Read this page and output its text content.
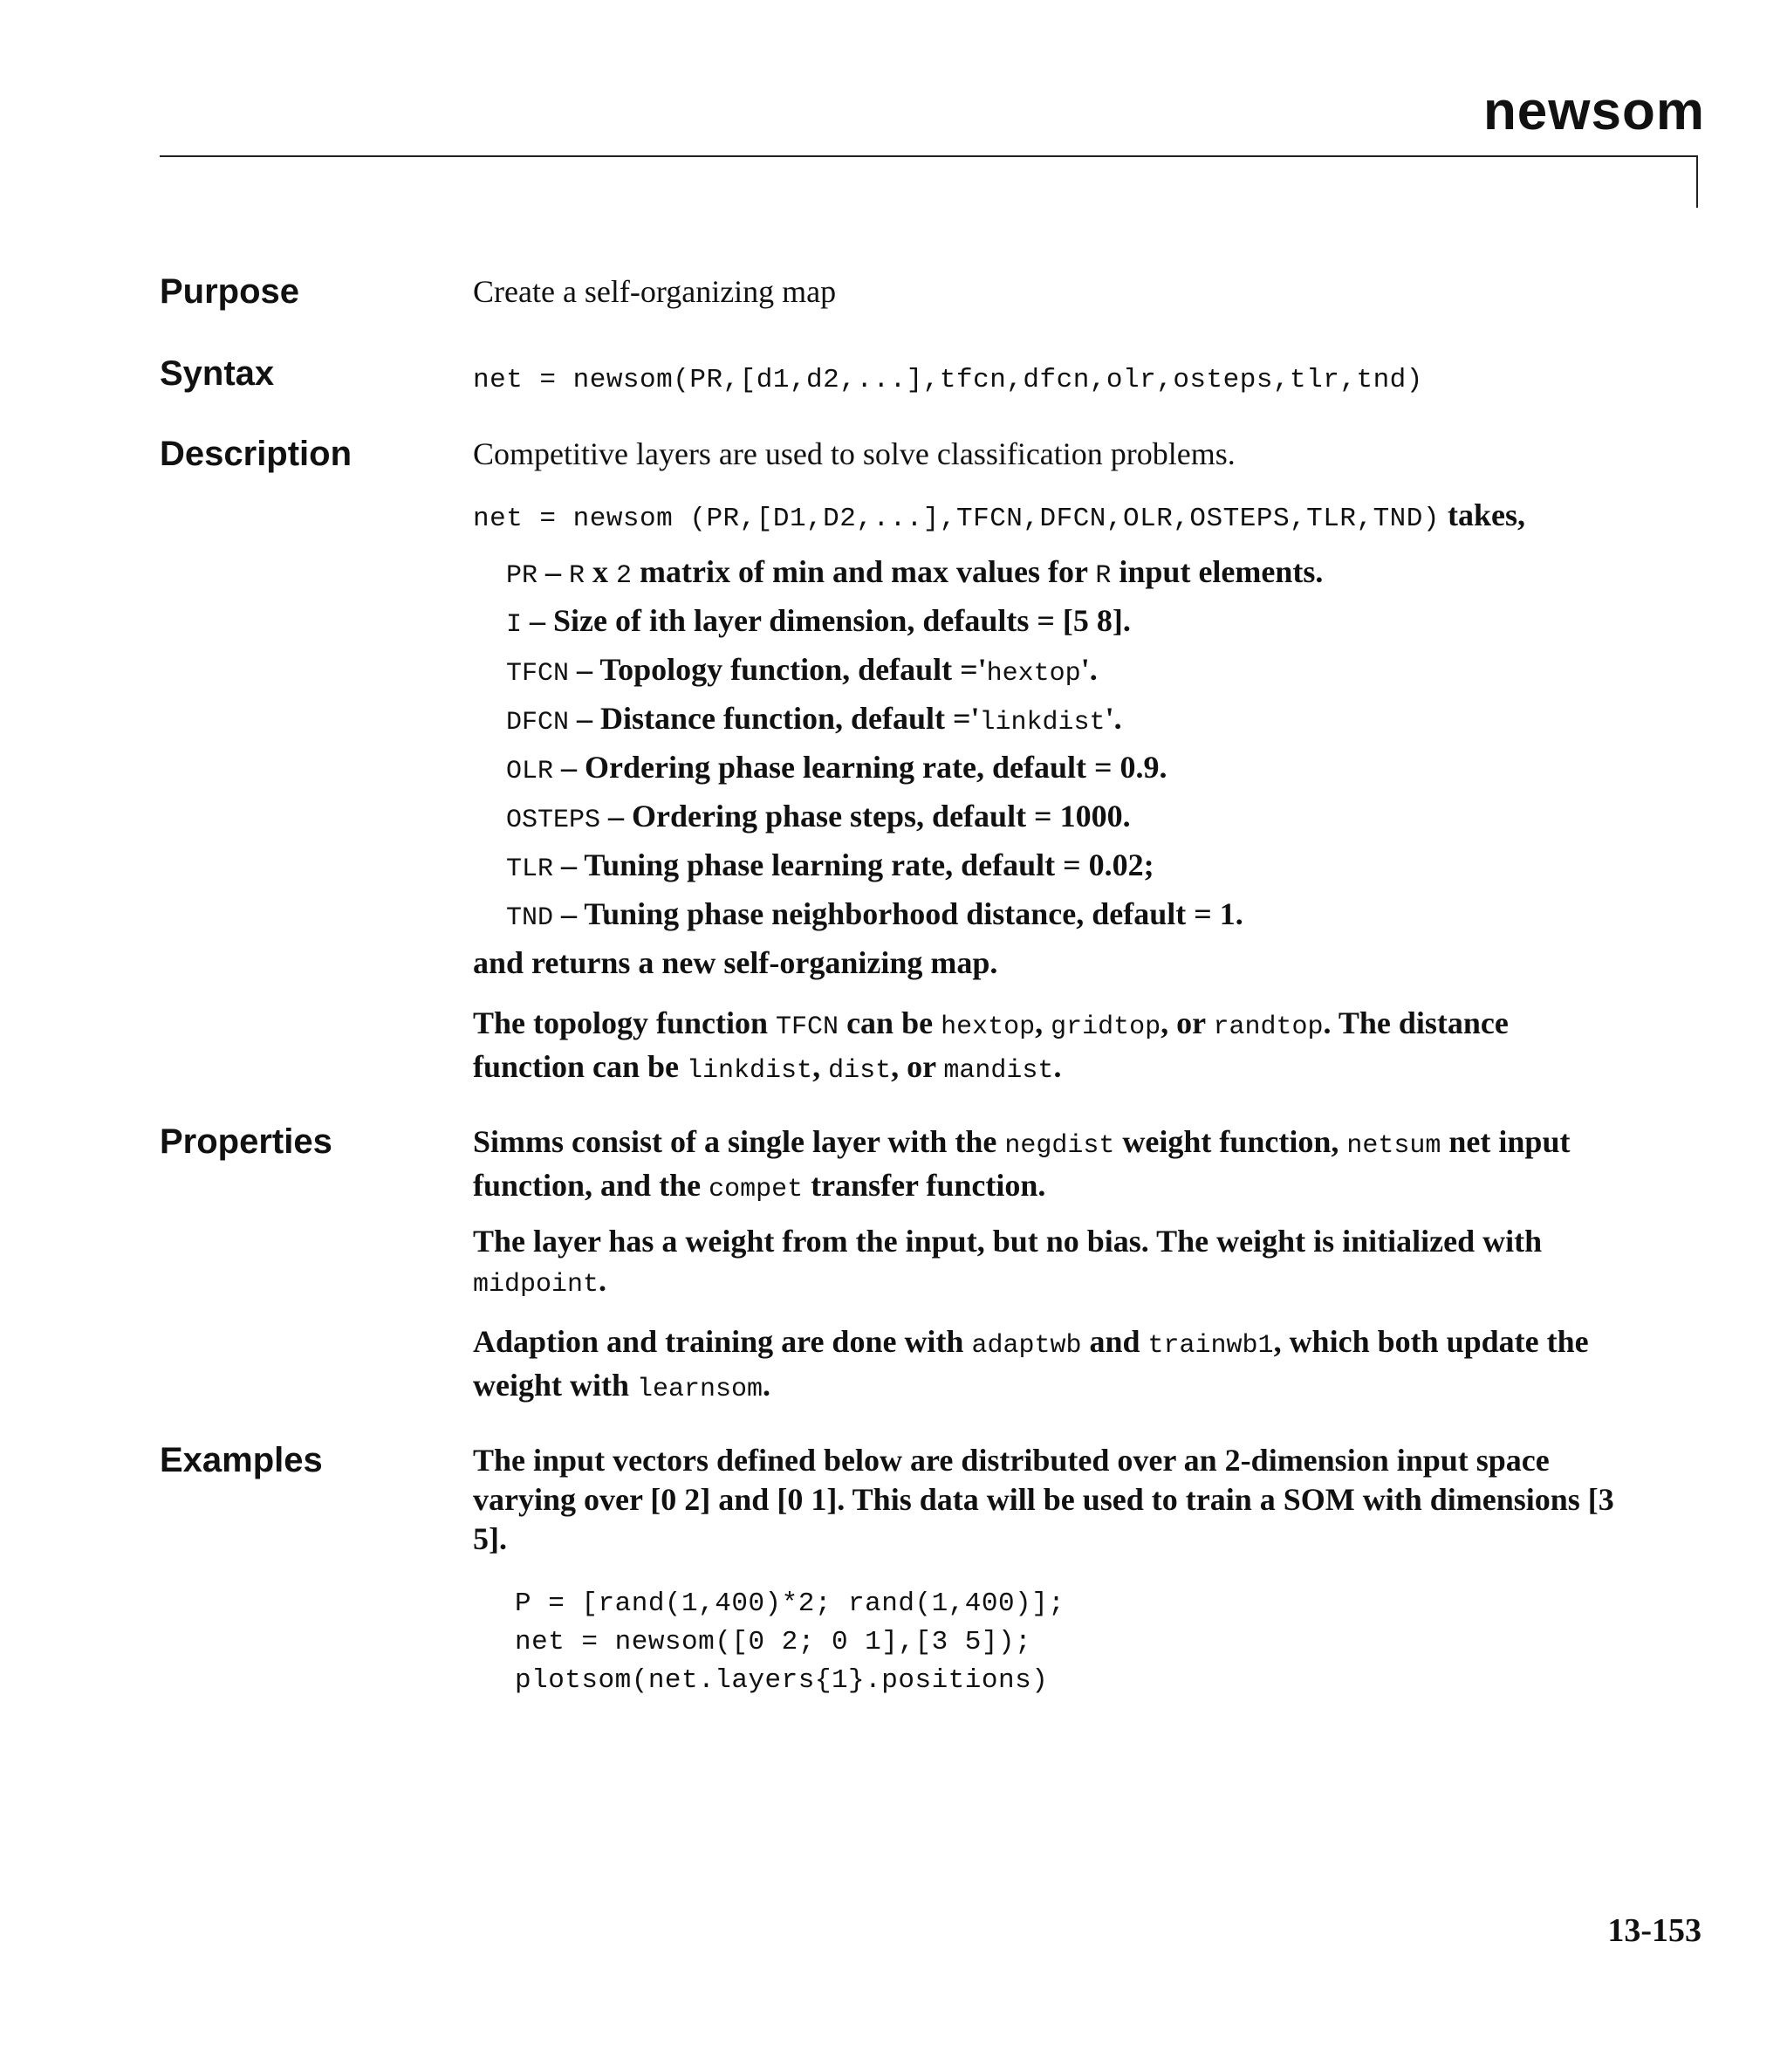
newsom
Purpose	Create a self-organizing map
Syntax	net = newsom(PR,[d1,d2,...],tfcn,dfcn,olr,osteps,tlr,tnd)
Description	Competitive layers are used to solve classification problems.
net = newsom (PR,[D1,D2,...],TFCN,DFCN,OLR,OSTEPS,TLR,TND) takes,
PR – R x 2 matrix of min and max values for R input elements.
I – Size of ith layer dimension, defaults = [5 8].
TFCN – Topology function, default ='hextop'.
DFCN – Distance function, default ='linkdist'.
OLR – Ordering phase learning rate, default = 0.9.
OSTEPS – Ordering phase steps, default = 1000.
TLR – Tuning phase learning rate, default = 0.02;
TND – Tuning phase neighborhood distance, default = 1.
and returns a new self-organizing map.
The topology function TFCN can be hextop, gridtop, or randtop. The distance function can be linkdist, dist, or mandist.
Properties	Simms consist of a single layer with the negdist weight function, netsum net input function, and the compet transfer function.
The layer has a weight from the input, but no bias. The weight is initialized with midpoint.
Adaption and training are done with adaptwb and trainwb1, which both update the weight with learnsom.
Examples	The input vectors defined below are distributed over an 2-dimension input space varying over [0 2] and [0 1]. This data will be used to train a SOM with dimensions [3 5].
P = [rand(1,400)*2; rand(1,400)];
net = newsom([0 2; 0 1],[3 5]);
plotsom(net.layers{1}.positions)
13-153
